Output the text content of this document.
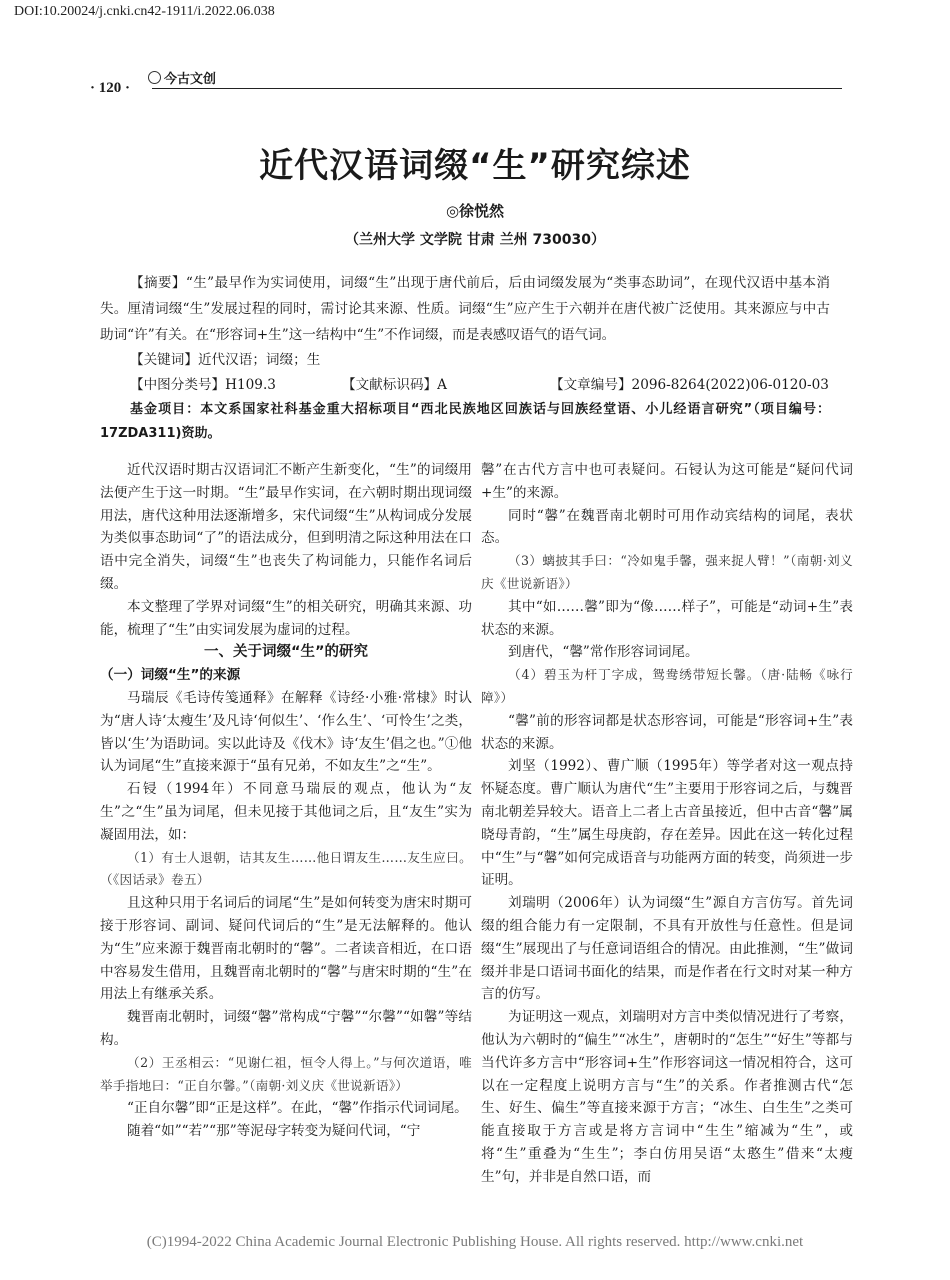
DOI:10.20024/j.cnki.cn42-1911/i.2022.06.038
· 120 ·
今古文创
近代汉语词缀“生”研究综述
◎徐悦然
（兰州大学 文学院 甘肃 兰州 730030）
【摘要】“生”最早作为实词使用，词缀“生”出现于唐代前后，后由词缀发展为“类事态助词”，在现代汉语中基本消失。厘清词缀“生”发展过程的同时，需讨论其来源、性质。词缀“生”应产生于六朝并在唐代被广泛使用。其来源应与中古助词“许”有关。在“形容词+生”这一结构中“生”不作词缀，而是表感叹语气的语气词。
【关键词】近代汉语；词缀；生
【中图分类号】H109.3	【文献标识码】A	【文章编号】2096-8264(2022)06-0120-03
基金项目：本文系国家社科基金重大招标项目“西北民族地区回族话与回族经堂语、小儿经语言研究”（项目编号：17ZDA311)资助。

近代汉语时期古汉语词汇不断产生新变化，“生”的词缀用法便产生于这一时期。“生”最早作实词，在六朝时期出现词缀用法，唐代这种用法逐渐增多，宋代词缀“生”从构词成分发展为类似事态助词“了”的语法成分，但到明清之际这种用法在口语中完全消失，词缀“生”也丧失了构词能力，只能作名词后缀。

本文整理了学界对词缀“生”的相关研究，明确其来源、功能，梳理了“生”由实词发展为虚词的过程。

一、关于词缀“生”的研究
（一）词缀“生”的来源

马瑞辰《毛诗传笺通释》在解释《诗经·小雅·常棣》时认为“唐人诗‘太瘦生’及凡诗‘何似生’、‘作么生’、‘可怜生’之类，皆以‘生’为语助词。实以此诗及《伐木》诗‘友生’倡之也。”①他认为词尾“生”直接来源于“虽有兄弟，不如友生”之“生”。

石锓（1994年）不同意马瑞辰的观点，他认为“友生”之“生”虽为词尾，但未见接于其他词之后，且“友生”实为凝固用法，如：

（1）有士人退朝，诘其友生……他日谓友生……友生应曰。（《因话录》卷五）

且这种只用于名词后的词尾“生”是如何转变为唐宋时期可接于形容词、副词、疑问代词后的“生”是无法解释的。他认为“生”应来源于魏晋南北朝时的“馨”。二者读音相近，在口语中容易发生借用，且魏晋南北朝时的“馨”与唐宋时期的“生”在用法上有继承关系。

魏晋南北朝时，词缀“馨”常构成“宁馨”“尔馨”“如馨”等结构。

（2）王丞相云：“见谢仁祖，恒令人得上。”与何次道语，唯举手指地曰：“正自尔馨。”（南朝·刘义庆《世说新语》）

“正自尔馨”即“正是这样”。在此，“馨”作指示代词词尾。

随着“如”“若”“那”等泥母字转变为疑问代词，“宁

馨”在古代方言中也可表疑问。石锓认为这可能是“疑问代词+生”的来源。

同时“馨”在魏晋南北朝时可用作动宾结构的词尾，表状态。

（3）螭披其手曰：“冷如鬼手馨，强来捉人臂！”（南朝·刘义庆《世说新语》）

其中“如……馨”即为“像……样子”，可能是“动词+生”表状态的来源。

到唐代，“馨”常作形容词词尾。

（4）碧玉为杆丁字成，鸳鸯绣带短长馨。（唐·陆畅《咏行障》）

“馨”前的形容词都是状态形容词，可能是“形容词+生”表状态的来源。

刘坚（1992）、曹广顺（1995年）等学者对这一观点持怀疑态度。曹广顺认为唐代“生”主要用于形容词之后，与魏晋南北朝差异较大。语音上二者上古音虽接近，但中古音“馨”属晓母青韵，“生”属生母庚韵，存在差异。因此在这一转化过程中“生”与“馨”如何完成语音与功能两方面的转变，尚须进一步证明。

刘瑞明（2006年）认为词缀“生”源自方言仿写。首先词缀的组合能力有一定限制，不具有开放性与任意性。但是词缀“生”展现出了与任意词语组合的情况。由此推测，“生”做词缀并非是口语词书面化的结果，而是作者在行文时对某一种方言的仿写。

为证明这一观点，刘瑞明对方言中类似情况进行了考察，他认为六朝时的“偏生”“冰生”，唐朝时的“怎生”“好生”等都与当代许多方言中“形容词+生”作形容词这一情况相符合，这可以在一定程度上说明方言与“生”的关系。作者推测古代“怎生、好生、偏生”等直接来源于方言；“冰生、白生生”之类可能直接取于方言或是将方言词中“生生”缩减为“生”，或将“生”重叠为“生生”；李白仿用吴语“太憨生”借来“太瘦生”句，并非是自然口语，而

(C)1994-2022 China Academic Journal Electronic Publishing House. All rights reserved. http://www.cnki.net
